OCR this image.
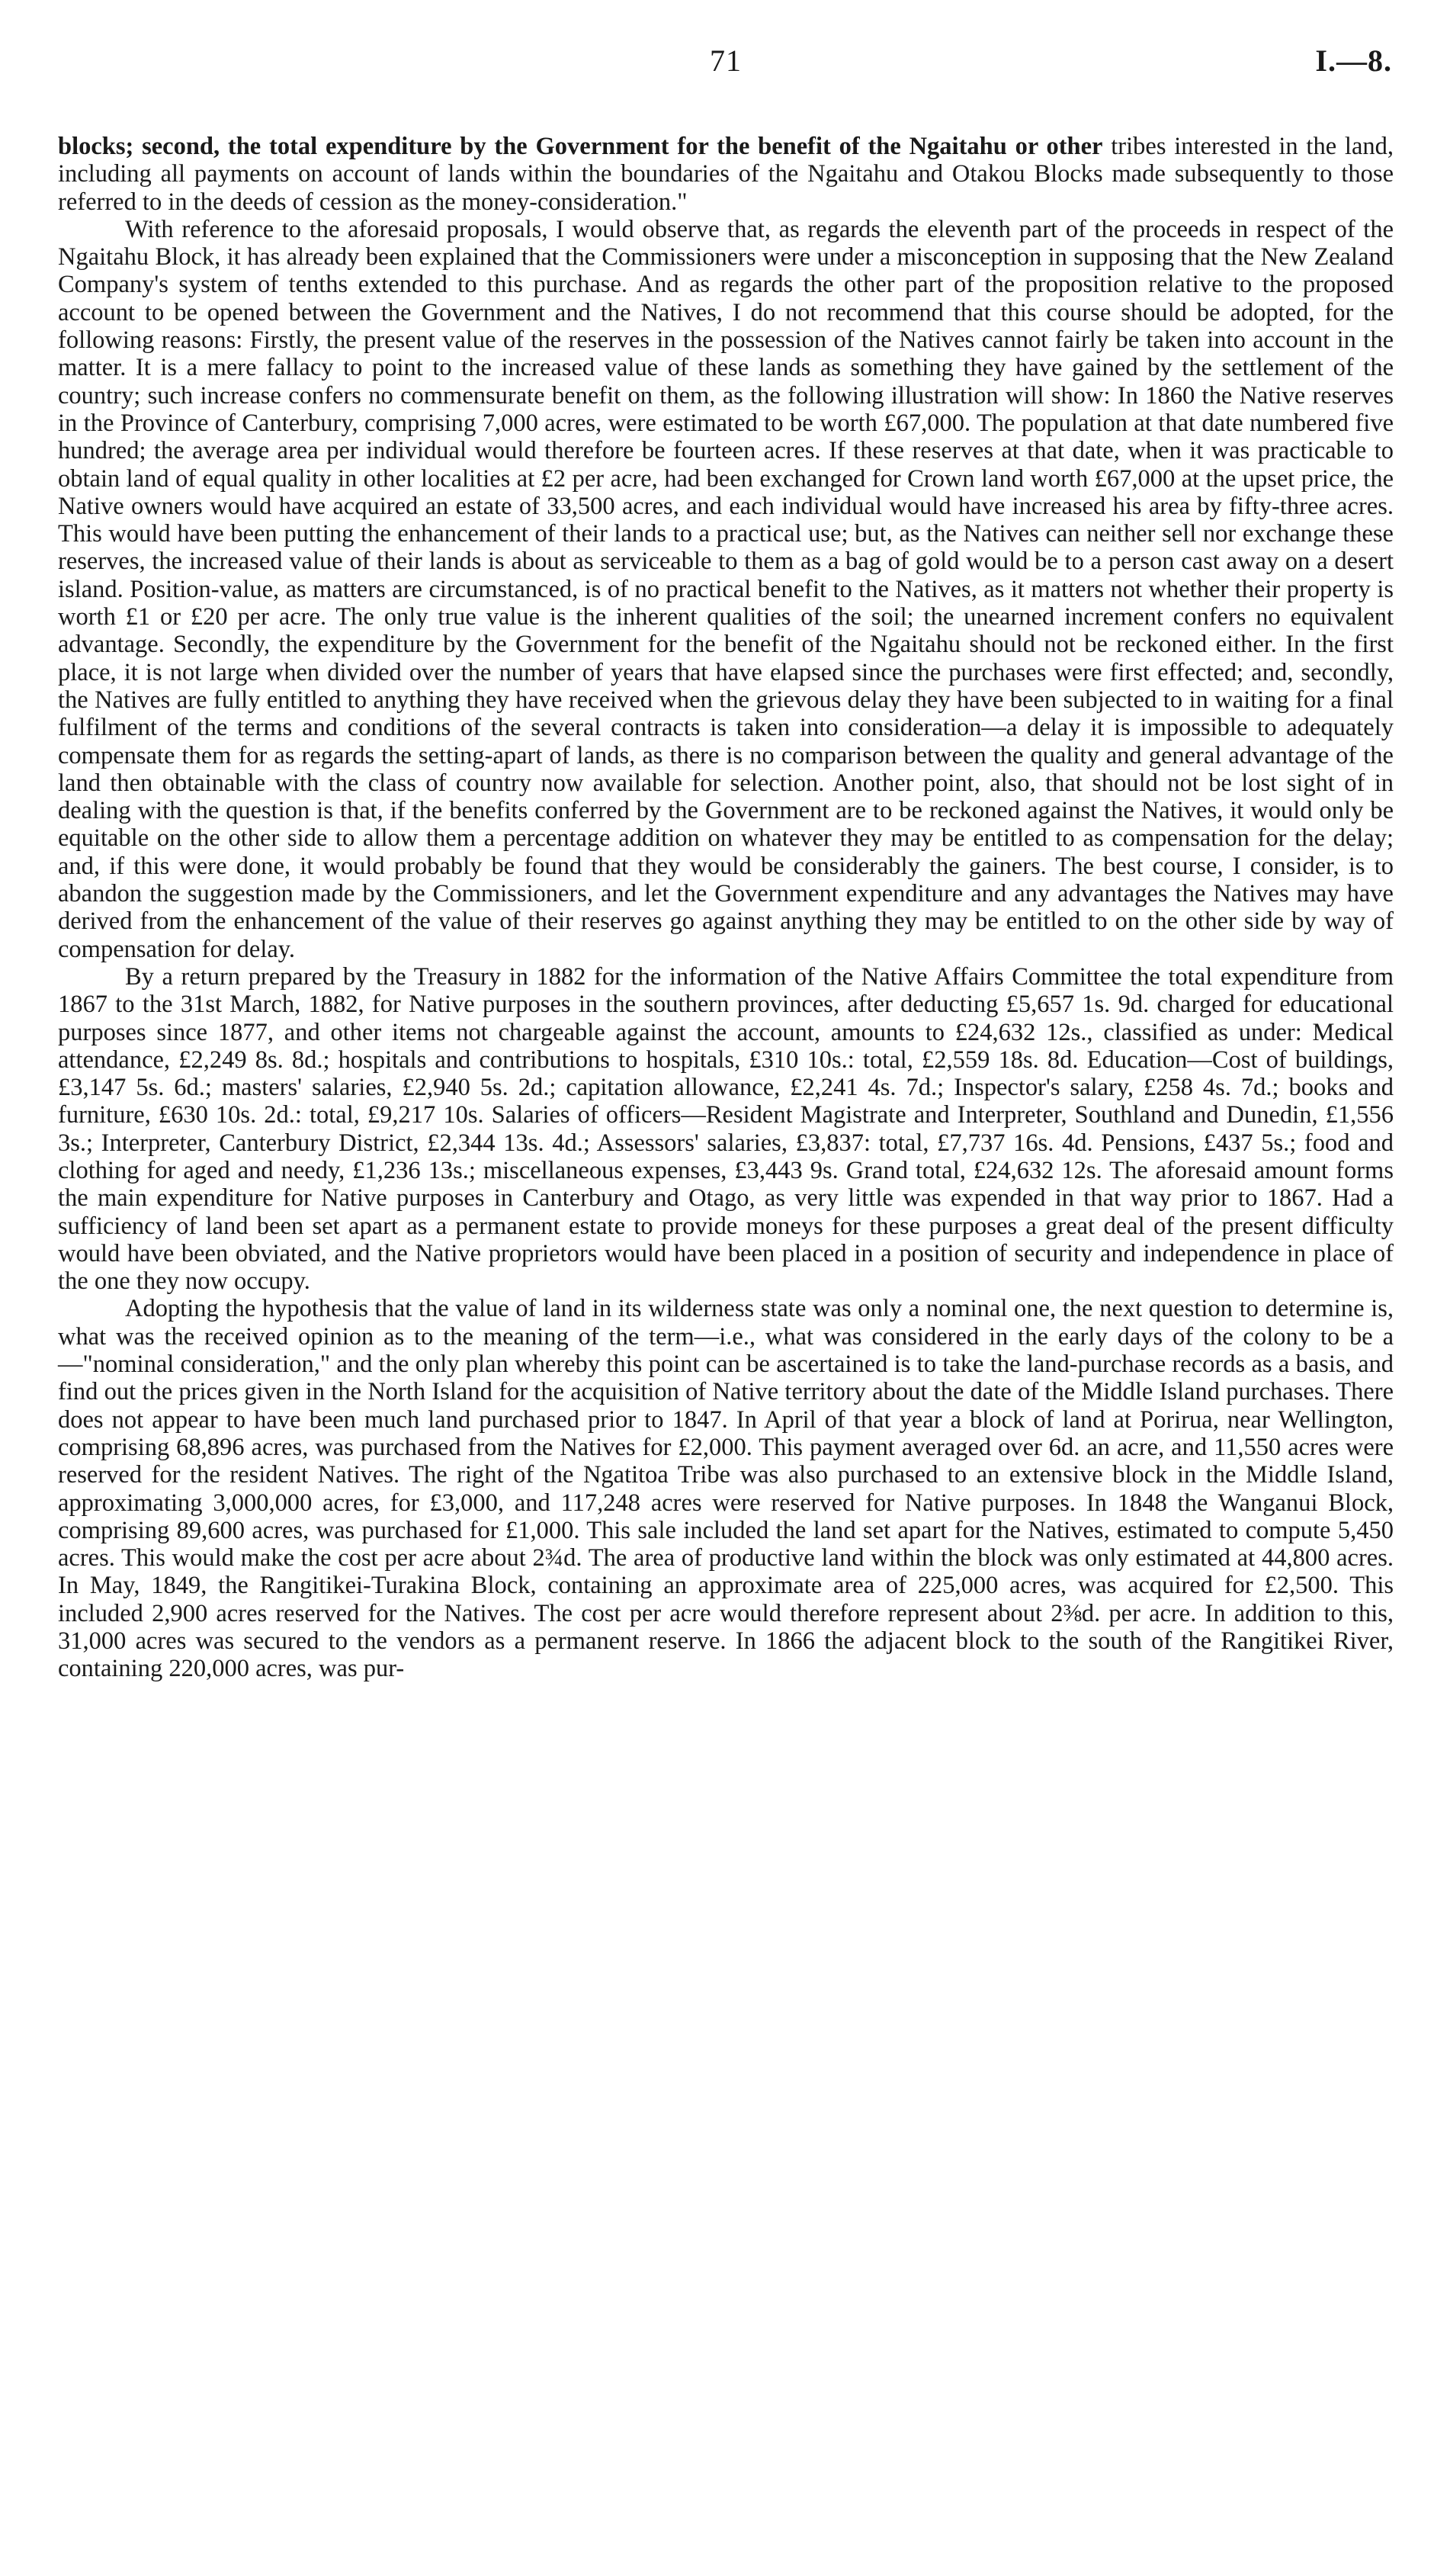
71	I.—8.

blocks; second, the total expenditure by the Government for the benefit of the Ngaitahu or other tribes interested in the land, including all payments on account of lands within the boundaries of the Ngaitahu and Otakou Blocks made subsequently to those referred to in the deeds of cession as the money-consideration."

With reference to the aforesaid proposals, I would observe that, as regards the eleventh part of the proceeds in respect of the Ngaitahu Block, it has already been explained that the Commissioners were under a misconception in supposing that the New Zealand Company's system of tenths extended to this purchase. And as regards the other part of the proposition relative to the proposed account to be opened between the Government and the Natives, I do not recommend that this course should be adopted, for the following reasons: Firstly, the present value of the reserves in the possession of the Natives cannot fairly be taken into account in the matter. It is a mere fallacy to point to the increased value of these lands as something they have gained by the settlement of the country; such increase confers no commensurate benefit on them, as the following illustration will show: In 1860 the Native reserves in the Province of Canterbury, comprising 7,000 acres, were estimated to be worth £67,000. The population at that date numbered five hundred; the average area per individual would therefore be fourteen acres. If these reserves at that date, when it was practicable to obtain land of equal quality in other localities at £2 per acre, had been exchanged for Crown land worth £67,000 at the upset price, the Native owners would have acquired an estate of 33,500 acres, and each individual would have increased his area by fifty-three acres. This would have been putting the enhancement of their lands to a practical use; but, as the Natives can neither sell nor exchange these reserves, the increased value of their lands is about as serviceable to them as a bag of gold would be to a person cast away on a desert island. Position-value, as matters are circumstanced, is of no practical benefit to the Natives, as it matters not whether their property is worth £1 or £20 per acre. The only true value is the inherent qualities of the soil; the unearned increment confers no equivalent advantage. Secondly, the expenditure by the Government for the benefit of the Ngaitahu should not be reckoned either. In the first place, it is not large when divided over the number of years that have elapsed since the purchases were first effected; and, secondly, the Natives are fully entitled to anything they have received when the grievous delay they have been subjected to in waiting for a final fulfilment of the terms and conditions of the several contracts is taken into consideration—a delay it is impossible to adequately compensate them for as regards the setting-apart of lands, as there is no comparison between the quality and general advantage of the land then obtainable with the class of country now available for selection. Another point, also, that should not be lost sight of in dealing with the question is that, if the benefits conferred by the Government are to be reckoned against the Natives, it would only be equitable on the other side to allow them a percentage addition on whatever they may be entitled to as compensation for the delay; and, if this were done, it would probably be found that they would be considerably the gainers. The best course, I consider, is to abandon the suggestion made by the Commissioners, and let the Government expenditure and any advantages the Natives may have derived from the enhancement of the value of their reserves go against anything they may be entitled to on the other side by way of compensation for delay.

By a return prepared by the Treasury in 1882 for the information of the Native Affairs Committee the total expenditure from 1867 to the 31st March, 1882, for Native purposes in the southern provinces, after deducting £5,657 1s. 9d. charged for educational purposes since 1877, and other items not chargeable against the account, amounts to £24,632 12s., classified as under: Medical attendance, £2,249 8s. 8d.; hospitals and contributions to hospitals, £310 10s.: total, £2,559 18s. 8d. Education—Cost of buildings, £3,147 5s. 6d.; masters' salaries, £2,940 5s. 2d.; capitation allowance, £2,241 4s. 7d.; Inspector's salary, £258 4s. 7d.; books and furniture, £630 10s. 2d.: total, £9,217 10s. Salaries of officers—Resident Magistrate and Interpreter, Southland and Dunedin, £1,556 3s.; Interpreter, Canterbury District, £2,344 13s. 4d.; Assessors' salaries, £3,837: total, £7,737 16s. 4d. Pensions, £437 5s.; food and clothing for aged and needy, £1,236 13s.; miscellaneous expenses, £3,443 9s. Grand total, £24,632 12s. The aforesaid amount forms the main expenditure for Native purposes in Canterbury and Otago, as very little was expended in that way prior to 1867. Had a sufficiency of land been set apart as a permanent estate to provide moneys for these purposes a great deal of the present difficulty would have been obviated, and the Native proprietors would have been placed in a position of security and independence in place of the one they now occupy.

Adopting the hypothesis that the value of land in its wilderness state was only a nominal one, the next question to determine is, what was the received opinion as to the meaning of the term—i.e., what was considered in the early days of the colony to be a—"nominal consideration," and the only plan whereby this point can be ascertained is to take the land-purchase records as a basis, and find out the prices given in the North Island for the acquisition of Native territory about the date of the Middle Island purchases. There does not appear to have been much land purchased prior to 1847. In April of that year a block of land at Porirua, near Wellington, comprising 68,896 acres, was purchased from the Natives for £2,000. This payment averaged over 6d. an acre, and 11,550 acres were reserved for the resident Natives. The right of the Ngatitoa Tribe was also purchased to an extensive block in the Middle Island, approximating 3,000,000 acres, for £3,000, and 117,248 acres were reserved for Native purposes. In 1848 the Wanganui Block, comprising 89,600 acres, was purchased for £1,000. This sale included the land set apart for the Natives, estimated to compute 5,450 acres. This would make the cost per acre about 2¾d. The area of productive land within the block was only estimated at 44,800 acres. In May, 1849, the Rangitikei-Turakina Block, containing an approximate area of 225,000 acres, was acquired for £2,500. This included 2,900 acres reserved for the Natives. The cost per acre would therefore represent about 2⅜d. per acre. In addition to this, 31,000 acres was secured to the vendors as a permanent reserve. In 1866 the adjacent block to the south of the Rangitikei River, containing 220,000 acres, was pur-
